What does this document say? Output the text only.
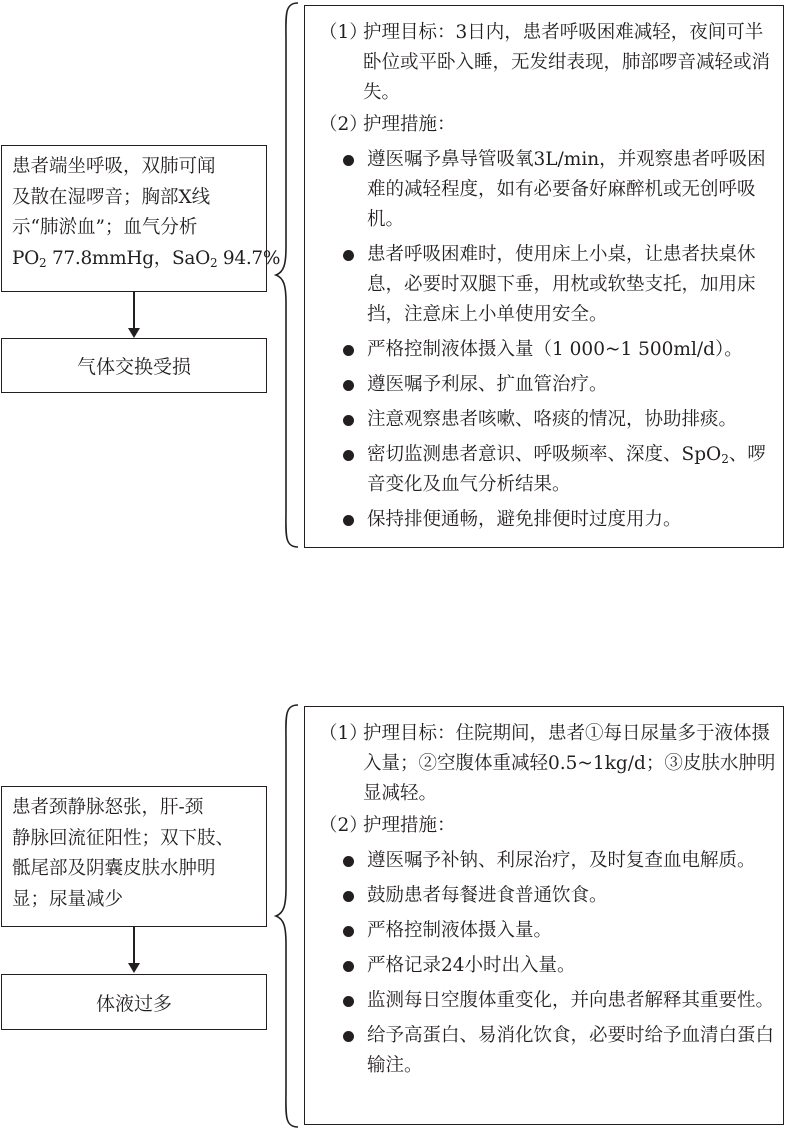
患者端坐呼吸，双肺可闻
及散在湿啰音；胸部X线
示“肺淤血”；血气分析
$PO_2$ 77.8mmHg，SaO$_2$ 94.7%
气体交换受损
（1）
护理目标：3日内，患者呼吸困难减轻，夜间可半卧位或平卧入睡，无发绀表现，肺部啰音减轻或消失。
（2）
护理措施：
遵医嘱予鼻导管吸氧3L/min，并观察患者呼吸困难的减轻程度，如有必要备好麻醉机或无创呼吸机。
患者呼吸困难时，使用床上小桌，让患者扶桌休息，必要时双腿下垂，用枕或软垫支托，加用床挡，注意床上小单使用安全。
严格控制液体摄入量（1 000~1 500ml/d）。
遵医嘱予利尿、扩血管治疗。
注意观察患者咳嗽、咯痰的情况，协助排痰。
密切监测患者意识、呼吸频率、深度、SpO$_2$、啰音变化及血气分析结果。
保持排便通畅，避免排便时过度用力。
患者颈静脉怒张，肝-颈
静脉回流征阳性；双下肢、
骶尾部及阴囊皮肤水肿明
显；尿量减少
体液过多
（1）
护理目标：住院期间，患者①每日尿量多于液体摄入量；②空腹体重减轻0.5~1kg/d；③皮肤水肿明显减轻。
（2）
护理措施：
遵医嘱予补钠、利尿治疗，及时复查血电解质。
鼓励患者每餐进食普通饮食。
严格控制液体摄入量。
严格记录24小时出入量。
监测每日空腹体重变化，并向患者解释其重要性。
给予高蛋白、易消化饮食，必要时给予血清白蛋白输注。
